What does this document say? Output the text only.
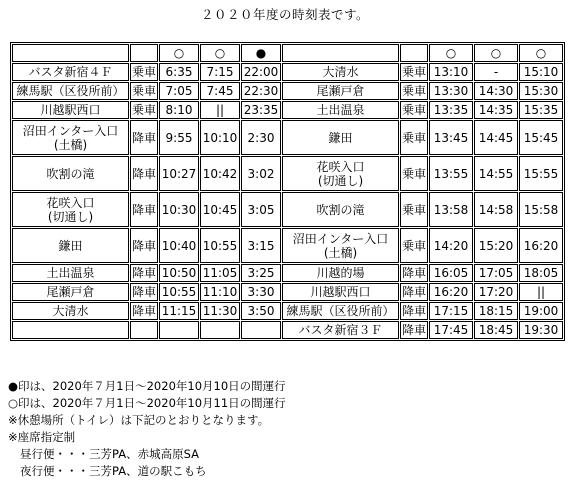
２０２０年度の時刻表です。
		○	○	●			○	○	○

バスタ新宿４Ｆ	乗車	6:35	7:15	22:00	大清水	乗車	13:10	-	15:10

練馬駅（区役所前）	乗車	7:05	7:45	22:30	尾瀬戸倉	乗車	13:30	14:30	15:30

川越駅西口	乗車	8:10	||	23:35	土出温泉	乗車	13:35	14:35	15:35

沼田インター入口
(土橋)	降車	9:55	10:10	2:30	鎌田	乗車	13:45	14:45	15:45

吹割の滝	降車	10:27	10:42	3:02	花咲入口
(切通し)	乗車	13:55	14:55	15:55

花咲入口
(切通し)	降車	10:30	10:45	3:05	吹割の滝	乗車	13:58	14:58	15:58

鎌田	降車	10:40	10:55	3:15	沼田インター入口
(土橋)	乗車	14:20	15:20	16:20

土出温泉	降車	10:50	11:05	3:25	川越的場	降車	16:05	17:05	18:05

尾瀬戸倉	降車	10:55	11:10	3:30	川越駅西口	降車	16:20	17:20	||

大清水	降車	11:15	11:30	3:50	練馬駅（区役所前）	降車	17:15	18:15	19:00

					バスタ新宿３Ｆ	降車	17:45	18:45	19:30
●印は、2020年７月1日～2020年10月10日の間運行
○印は、2020年７月1日～2020年10月11日の間運行
※休憩場所（トイレ）は下記のとおりとなります。
※座席指定制
昼行便・・・三芳PA、赤城高原SA
夜行便・・・三芳PA、道の駅こもち
